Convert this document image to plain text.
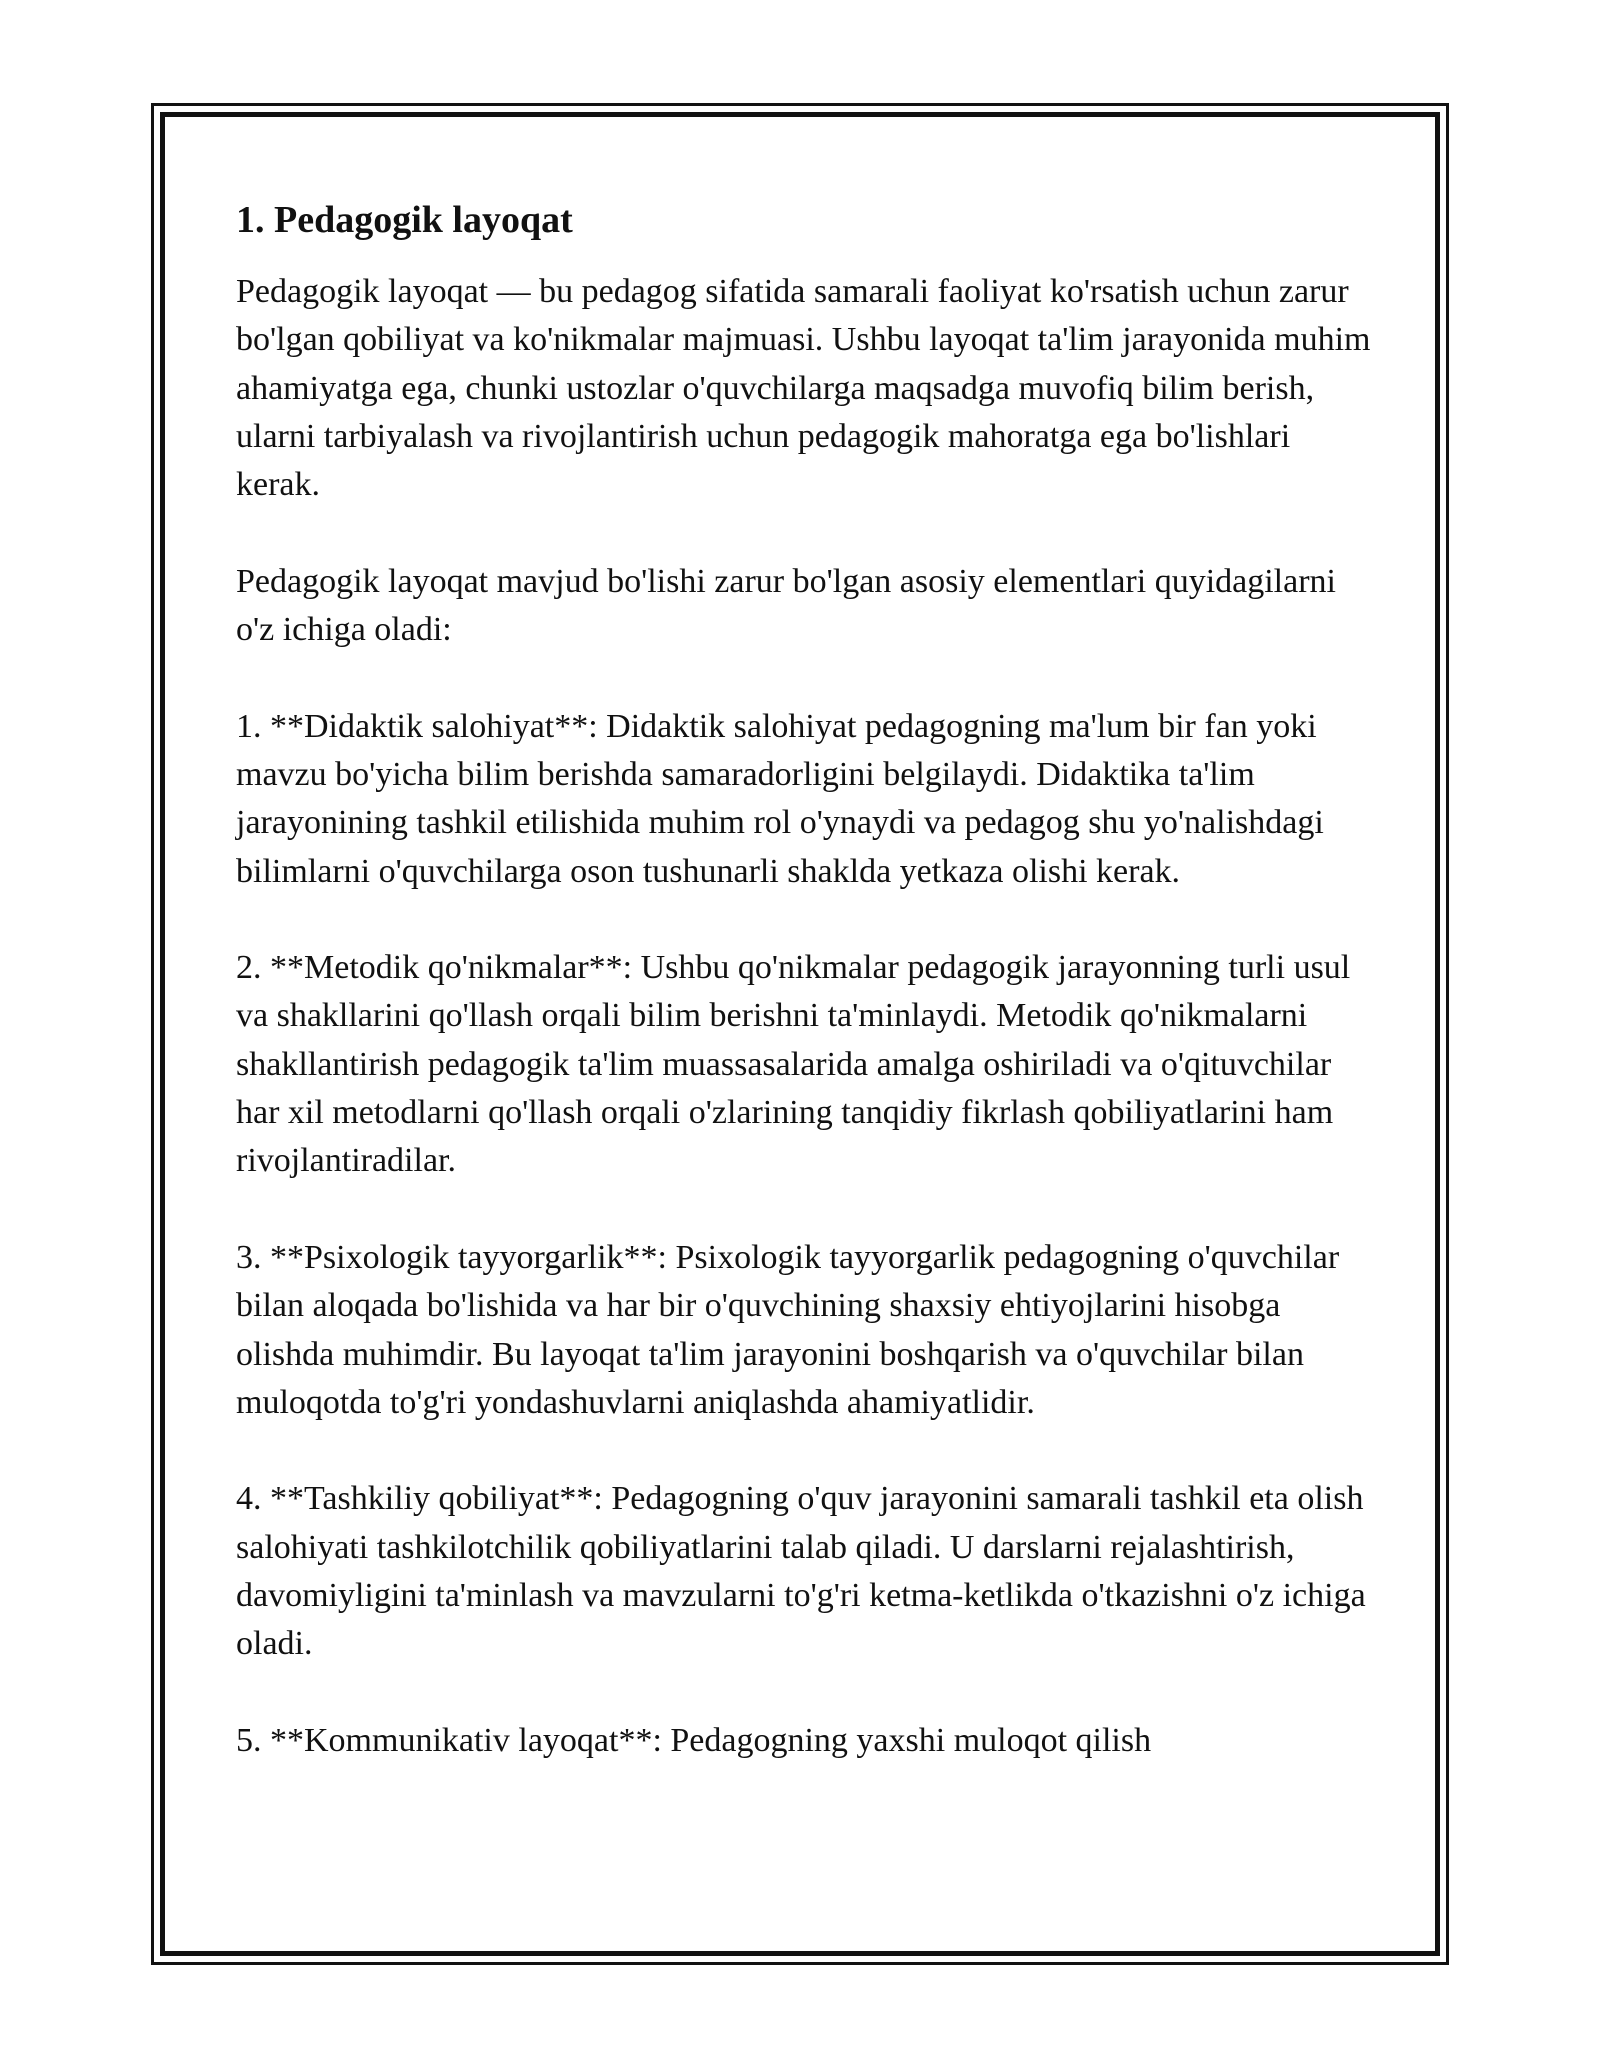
1. Pedagogik layoqat

Pedagogik layoqat — bu pedagog sifatida samarali faoliyat ko'rsatish uchun zarur bo'lgan qobiliyat va ko'nikmalar majmuasi. Ushbu layoqat ta'lim jarayonida muhim ahamiyatga ega, chunki ustozlar o'quvchilarga maqsadga muvofiq bilim berish, ularni tarbiyalash va rivojlantirish uchun pedagogik mahoratga ega bo'lishlari kerak.

Pedagogik layoqat mavjud bo'lishi zarur bo'lgan asosiy elementlari quyidagilarni o'z ichiga oladi:

1. **Didaktik salohiyat**: Didaktik salohiyat pedagogning ma'lum bir fan yoki mavzu bo'yicha bilim berishda samaradorligini belgilaydi. Didaktika ta'lim jarayonining tashkil etilishida muhim rol o'ynaydi va pedagog shu yo'nalishdagi bilimlarni o'quvchilarga oson tushunarli shaklda yetkaza olishi kerak.

2. **Metodik qo'nikmalar**: Ushbu qo'nikmalar pedagogik jarayonning turli usul va shakllarini qo'llash orqali bilim berishni ta'minlaydi. Metodik qo'nikmalarni shakllantirish pedagogik ta'lim muassasalarida amalga oshiriladi va o'qituvchilar har xil metodlarni qo'llash orqali o'zlarining tanqidiy fikrlash qobiliyatlarini ham rivojlantiradilar.

3. **Psixologik tayyorgarlik**: Psixologik tayyorgarlik pedagogning o'quvchilar bilan aloqada bo'lishida va har bir o'quvchining shaxsiy ehtiyojlarini hisobga olishda muhimdir. Bu layoqat ta'lim jarayonini boshqarish va o'quvchilar bilan muloqotda to'g'ri yondashuvlarni aniqlashda ahamiyatlidir.

4. **Tashkiliy qobiliyat**: Pedagogning o'quv jarayonini samarali tashkil eta olish salohiyati tashkilotchilik qobiliyatlarini talab qiladi. U darslarni rejalashtirish, davomiyligini ta'minlash va mavzularni to'g'ri ketma-ketlikda o'tkazishni o'z ichiga oladi.

5. **Kommunikativ layoqat**: Pedagogning yaxshi muloqot qilish
